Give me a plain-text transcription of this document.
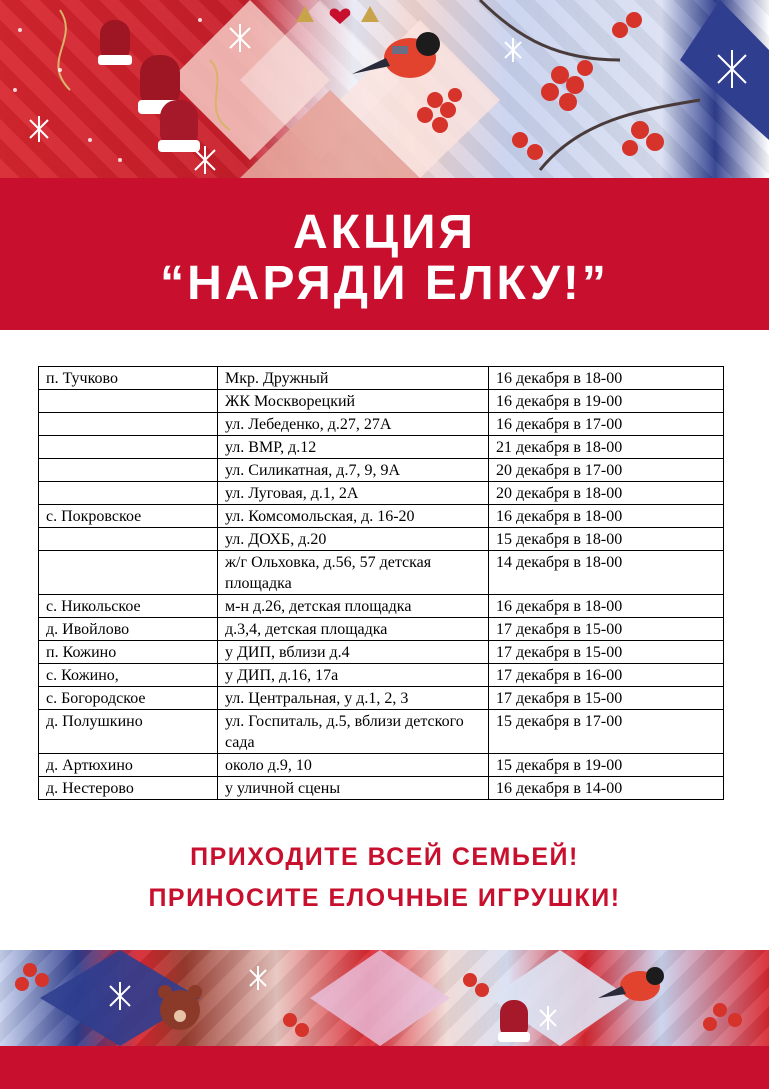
АКЦИЯ
“НАРЯДИ ЕЛКУ!”
п. Тучково	Мкр. Дружный	16 декабря в 18-00
	ЖК Москворецкий	16 декабря в 19-00
	ул. Лебеденко, д.27, 27А	16 декабря в 17-00
	ул. ВМР, д.12	21 декабря в 18-00
	ул. Силикатная, д.7, 9, 9А	20 декабря в 17-00
	ул. Луговая, д.1, 2А	20 декабря в 18-00
с. Покровское	ул. Комсомольская, д. 16-20	16 декабря в 18-00
	ул. ДОХБ, д.20	15 декабря в 18-00
	ж/г Ольховка, д.56, 57 детская площадка	14 декабря в 18-00
с. Никольское	м-н д.26, детская площадка	16 декабря в 18-00
д. Ивойлово	д.3,4, детская площадка	17 декабря в 15-00
п. Кожино	у ДИП, вблизи д.4	17 декабря в 15-00
с. Кожино,	у ДИП, д.16, 17а	17 декабря в 16-00
с. Богородское	ул. Центральная, у д.1, 2, 3	17 декабря в 15-00
д. Полушкино	ул. Госпиталь, д.5, вблизи детского сада	15 декабря в 17-00
д. Артюхино	около д.9, 10	15 декабря в 19-00
д. Нестерово	у уличной сцены	16 декабря в 14-00

ПРИХОДИТЕ ВСЕЙ СЕМЬЕЙ!

ПРИНОСИТЕ ЕЛОЧНЫЕ ИГРУШКИ!
